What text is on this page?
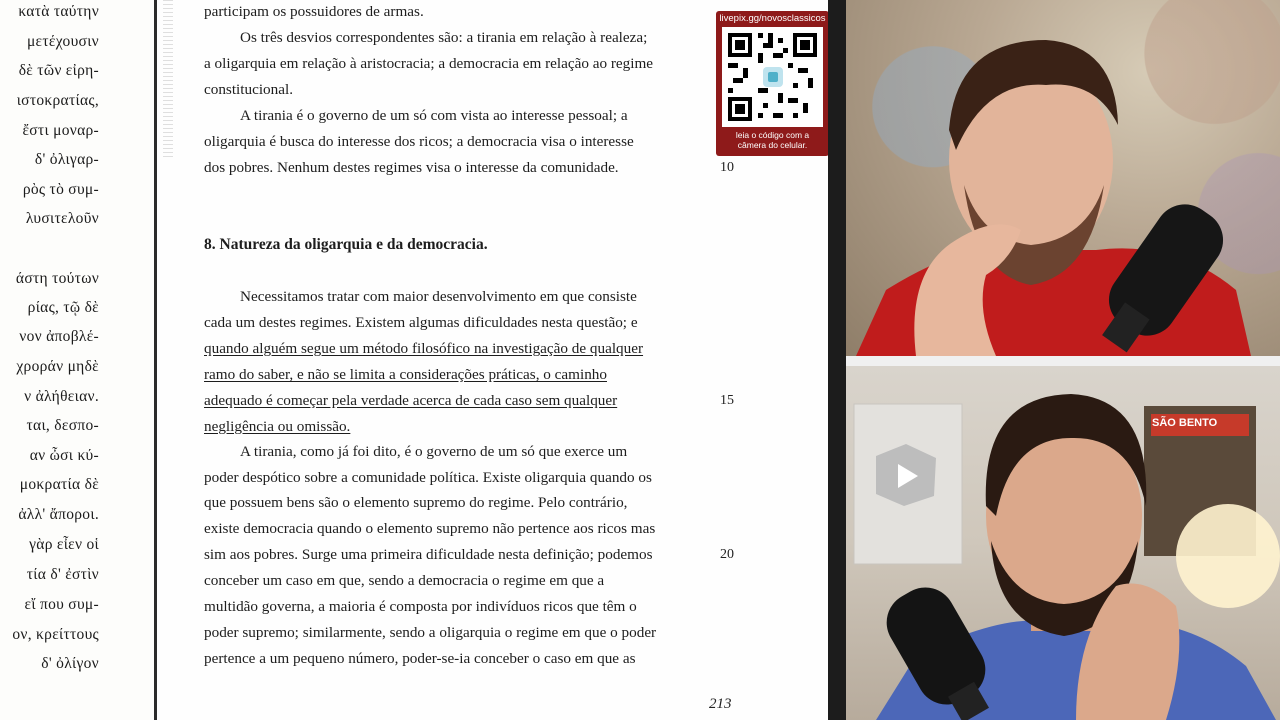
κατὰ ταύτην
μετέχουσιν
δὲ τῶν εἰρη-
ιστοκρατίας,
ἔστι μοναρ-
δ' ὀλιγαρ-
ρὸς τὸ συμ-
λυσιτελοῦν
άστη τούτων
ρίας, τῷ δὲ
νον ἀποβλέ-
χροράν μηδὲ
ν ἀλήθειαν.
ται, δεσπο-
αν ὦσι κύ-
μοκρατία δὲ
ἀλλ' ἄποροι.
γὰρ εἶεν οἱ
τία δ' ἐστὶν
εἴ που συμ-
ον, κρείττους
δ' ὀλίγον
participam os possuidores de armas.
Os três desvios correspondentes são: a tirania em relação à realeza;
a oligarquia em relação à aristocracia; a democracia em relação ao regime
constitucional.
A tirania é o governo de um só com vista ao interesse pessoal; a
oligarquia é busca do interesse dos ricos; a democracia visa o interesse
dos pobres. Nenhum destes regimes visa o interesse da comunidade.	10
8. Natureza da oligarquia e da democracia.
Necessitamos tratar com maior desenvolvimento em que consiste
cada um destes regimes. Existem algumas dificuldades nesta questão; e
quando alguém segue um método filosófico na investigação de qualquer
ramo do saber, e não se limita a considerações práticas, o caminho
adequado é começar pela verdade acerca de cada caso sem qualquer	15
negligência ou omissão.
A tirania, como já foi dito, é o governo de um só que exerce um
poder despótico sobre a comunidade política. Existe oligarquia quando os
que possuem bens são o elemento supremo do regime. Pelo contrário,
existe democracia quando o elemento supremo não pertence aos ricos mas
sim aos pobres. Surge uma primeira dificuldade nesta definição; podemos	20
conceber um caso em que, sendo a democracia o regime em que a
multidão governa, a maioria é composta por indivíduos ricos que têm o
poder supremo; similarmente, sendo a oligarquia o regime em que o poder
pertence a um pequeno número, poder-se-ia conceber o caso em que as
213
livepix.gg/novosclassicos
leia o código com a
câmera do celular.
SÃO BENTO
